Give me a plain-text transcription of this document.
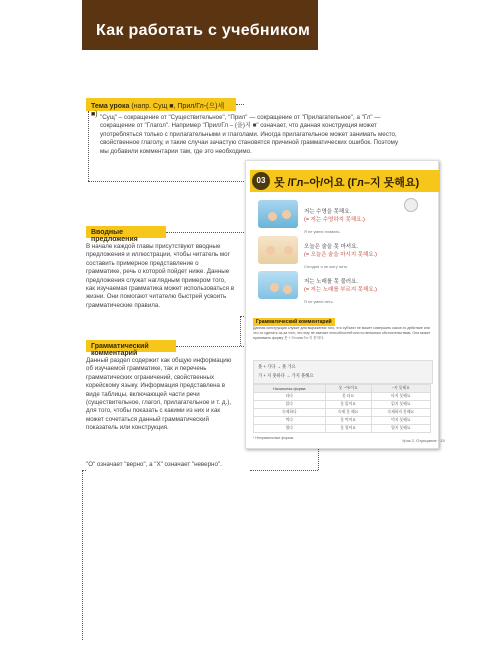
Как работать с учебником
Тема урока (напр. Сущ ■, Прил/Гл-(으)세 ■) "Сущ" – сокращение от "Существительное", "Прил" — сокращение от "Прилагательное", а "Гл" — сокращение от "Глагол". Например "Прил/Гл – (을)지 ■" означает, что данная конструкция может употребляться только с прилагательными и глаголами. Иногда прилагательное может занимать место, свойственное глаголу, и такие случаи зачастую становятся причиной грамматических ошибок. Поэтому мы добавили комментарии там, где это необходимо.
Вводные предложения
В начале каждой главы присутствуют вводные предложения и иллюстрации, чтобы читатель мог составить примерное представление о грамматике, речь о которой пойдет ниже. Данные предложения служат наглядным примером того, как изучаемая грамматика может использоваться в жизни. Они помогают читателю быстрей усвоить грамматические правила.
Грамматический комментарий
Данный раздел содержит как общую информацию об изучаемой грамматике, так и перечень грамматических ограничений, свойственных корейскому языку. Информация представлена в виде таблицы, включающей части речи (существительное, глагол, прилагательное и т. д.), для того, чтобы показать с какими из них и как может сочетаться данный грамматический показатель или конструкция.
"O" означает "верно", а "X" означает "неверно".
03 못 /Гл–아/어요 (Гл–지 못해요)
Я не умею плавать.
Сегодня я не могу пить.
Я не умею петь.
저는 수영을 못해요.
(= 저는 수영하지 못해요.)
오늘은 술을 못 마셔요.
(= 오늘은 술을 마시지 못해요.)
저는 노래를 못 불러요.
(= 저는 노래를 부르지 못해요.)
Грамматический комментарий
Данная конструкция служит для выражения того, что субъект не может совершить какое-то действие или что-то сделать из-за того, что ему не хватает способностей или по внешним обстоятельствам. Она может принимать форму 못 + Гл или Гл-지 못하다.
못 + 가다 → 못 가요
가 + 지 못하다 → 가지 못해요
Начальная форма	못 ~아/어요	~지 못해요
타다	못 타요	타지 못해요
읽다	못 읽어요	읽지 못해요
숙제하다	숙제 못 해요	숙제하지 못해요
먹다	못 먹어요	먹지 못해요
열다	못 열어요	열지 못해요
* Неправильные формы	Урок 2. Отрицание · 15
